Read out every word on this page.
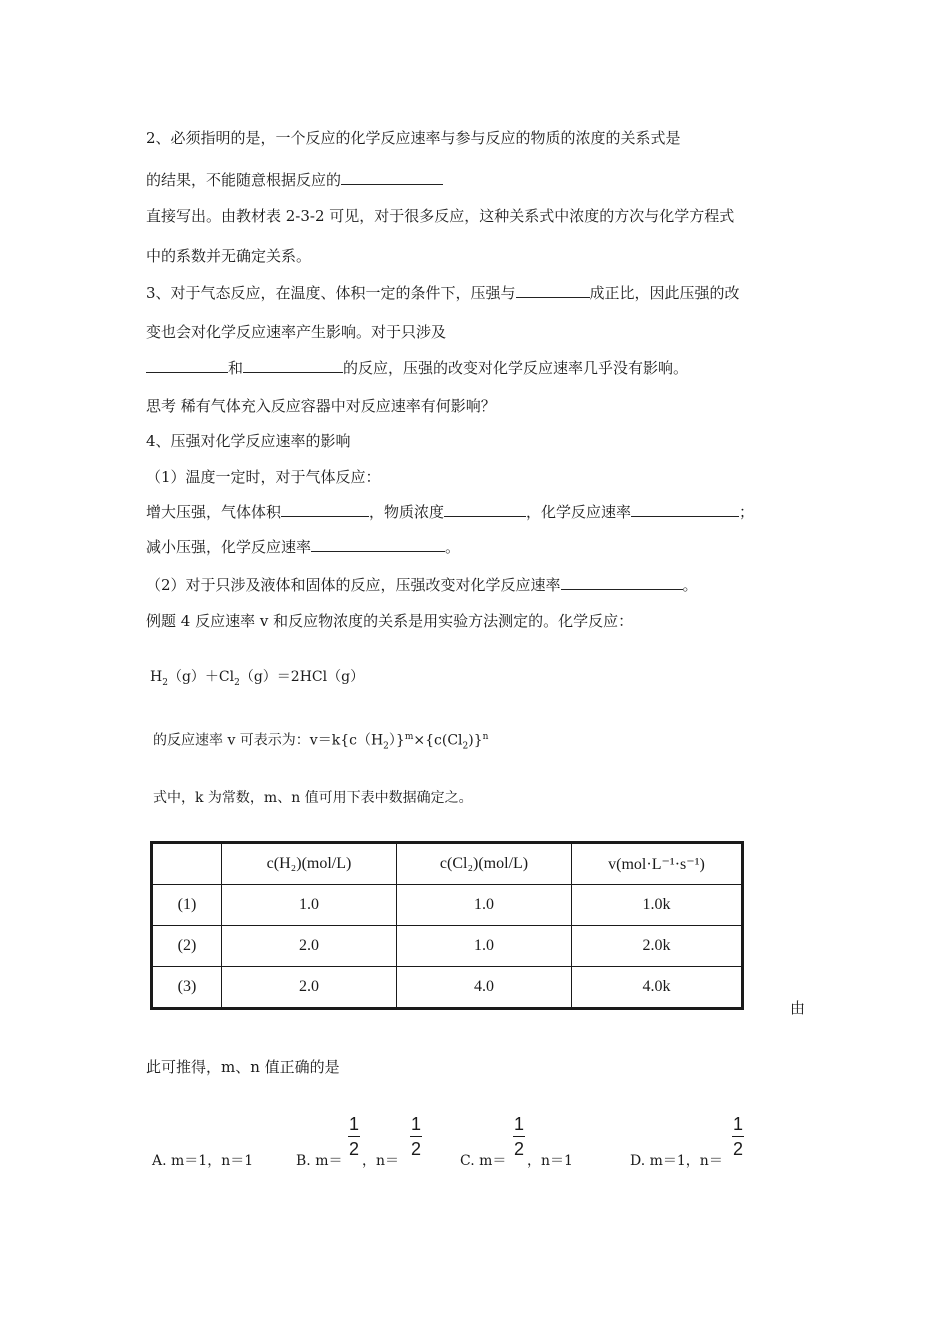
2、必须指明的是，一个反应的化学反应速率与参与反应的物质的浓度的关系式是
的结果，不能随意根据反应的
直接写出。由教材表 2-3-2 可见，对于很多反应，这种关系式中浓度的方次与化学方程式
中的系数并无确定关系。
3、对于气态反应，在温度、体积一定的条件下，压强与	成正比，因此压强的改
变也会对化学反应速率产生影响。对于只涉及
和	的反应，压强的改变对化学反应速率几乎没有影响。
思考 稀有气体充入反应容器中对反应速率有何影响？
4、压强对化学反应速率的影响
（1）温度一定时，对于气体反应：
增大压强，气体体积	，物质浓度	，化学反应速率	；
减小压强，化学反应速率	。
（2）对于只涉及液体和固体的反应，压强改变对化学反应速率	。
例题 4 反应速率 v 和反应物浓度的关系是用实验方法测定的。化学反应：
$H_2(g)+Cl_2(g)=2HCl(g)$
的反应速率 v 可表示为：$v=k\{c(H_2)\}^m\times\{c(Cl_2)\}^n$
式中，k 为常数，m、n 值可用下表中数据确定之。
	c(H₂)(mol/L)	c(Cl₂)(mol/L)	v(mol·L⁻¹·s⁻¹)
(1)	1.0	1.0	1.0k
(2)	2.0	1.0	2.0k
(3)	2.0	4.0	4.0k
由
此可推得，m、n 值正确的是
A. m＝1，n＝1	B. m＝
$\frac{1}{2}$
，n＝
$\frac{1}{2}$
C. m＝
$\frac{1}{2}$
，n＝1	D. m＝1，n＝
$\frac{1}{2}$
